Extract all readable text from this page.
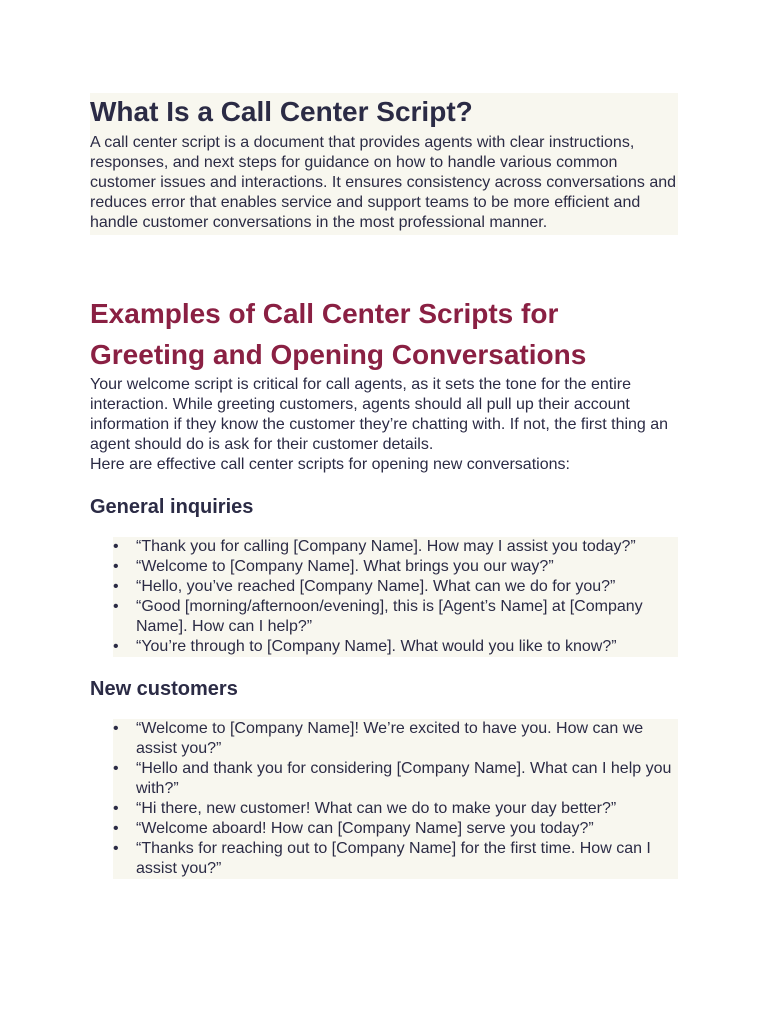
What Is a Call Center Script?

A call center script is a document that provides agents with clear instructions, responses, and next steps for guidance on how to handle various common customer issues and interactions. It ensures consistency across conversations and reduces error that enables service and support teams to be more efficient and handle customer conversations in the most professional manner.

Examples of Call Center Scripts for Greeting and Opening Conversations

Your welcome script is critical for call agents, as it sets the tone for the entire interaction. While greeting customers, agents should all pull up their account information if they know the customer they’re chatting with. If not, the first thing an agent should do is ask for their customer details.

Here are effective call center scripts for opening new conversations:

General inquiries
• “Thank you for calling [Company Name]. How may I assist you today?”
• “Welcome to [Company Name]. What brings you our way?”
• “Hello, you’ve reached [Company Name]. What can we do for you?”
• “Good [morning/afternoon/evening], this is [Agent’s Name] at [Company Name]. How can I help?”
• “You’re through to [Company Name]. What would you like to know?”
New customers
• “Welcome to [Company Name]! We’re excited to have you. How can we assist you?”
• “Hello and thank you for considering [Company Name]. What can I help you with?”
• “Hi there, new customer! What can we do to make your day better?”
• “Welcome aboard! How can [Company Name] serve you today?”
• “Thanks for reaching out to [Company Name] for the first time. How can I assist you?”
